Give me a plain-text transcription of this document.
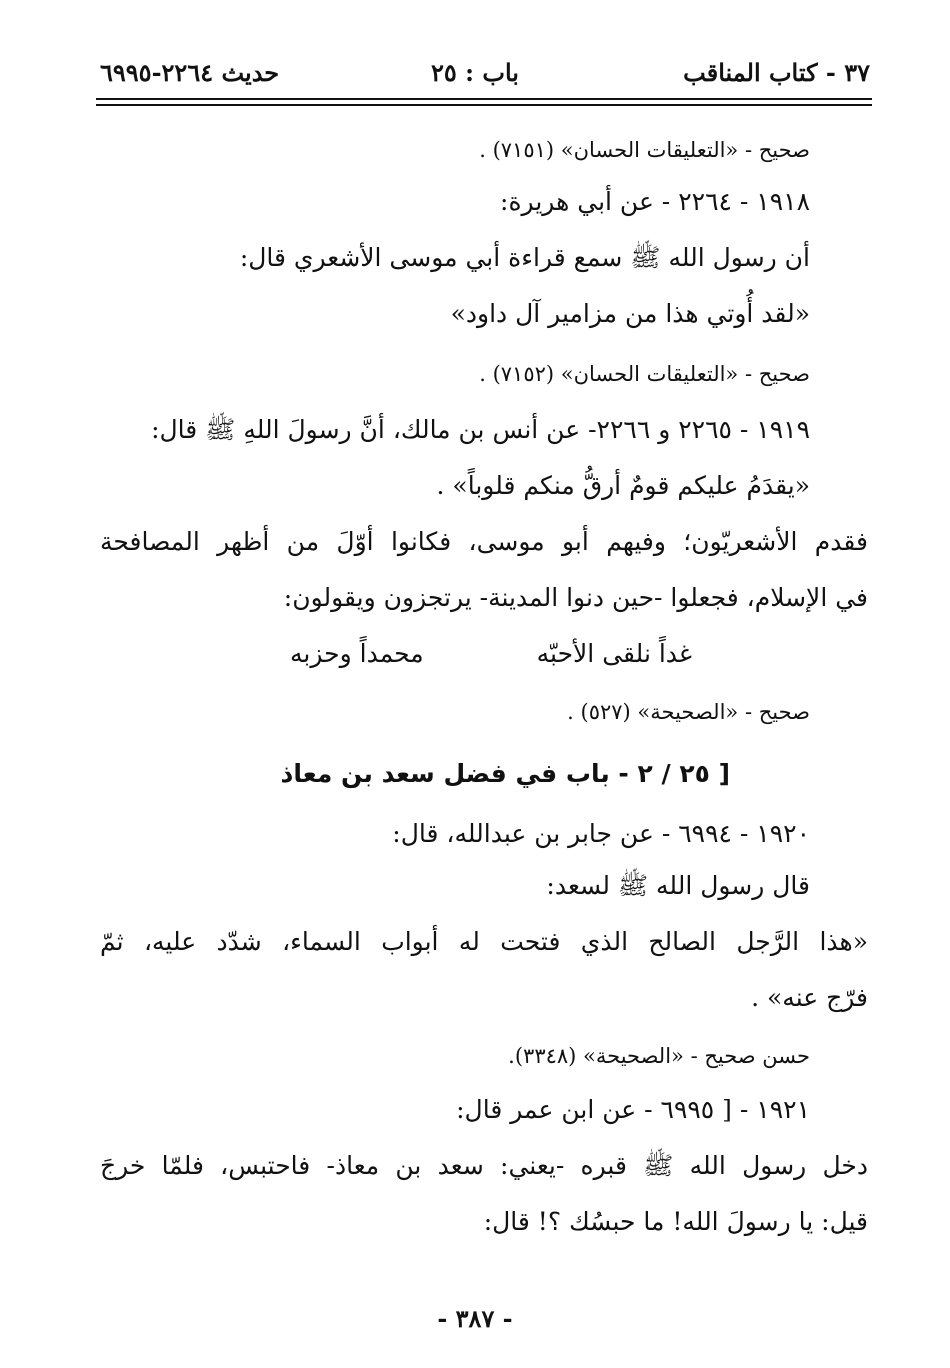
٣٧ - كتاب المناقب
باب : ٢٥
حديث ٢٢٦٤-٦٩٩٥
صحيح - «التعليقات الحسان» (٧١٥١) .
١٩١٨ - ٢٢٦٤ - عن أبي هريرة:
أن رسول الله ﷺ سمع قراءة أبي موسى الأشعري قال:
«لقد أُوتي هذا من مزامير آل داود»
صحيح - «التعليقات الحسان» (٧١٥٢) .
١٩١٩ - ٢٢٦٥ و ٢٢٦٦- عن أنس بن مالك، أنَّ رسولَ اللهِ ﷺ قال:
«يقدَمُ عليكم قومٌ أرقُّ منكم قلوباً» .
فقدم الأشعريّون؛ وفيهم أبو موسى، فكانوا أوّلَ من أظهر المصافحة
في الإسلام، فجعلوا -حين دنوا المدينة- يرتجزون ويقولون:
غداً نلقى الأحبّه
محمداً وحزبه
صحيح - «الصحيحة» (٥٢٧) .
[ ٢٥ / ٢ - باب في فضل سعد بن معاذ
١٩٢٠ - ٦٩٩٤ - عن جابر بن عبدالله، قال:
قال رسول الله ﷺ لسعد:
«هذا الرَّجل الصالح الذي فتحت له أبواب السماء، شدّد عليه، ثمّ
فرّج عنه» .
حسن صحيح - «الصحيحة» (٣٣٤٨).
١٩٢١ - [ ٦٩٩٥ - عن ابن عمر قال:
دخل رسول الله ﷺ قبره -يعني: سعد بن معاذ- فاحتبس، فلمّا خرجَ
قيل: يا رسولَ الله! ما حبسُك ؟! قال:
- ٣٨٧ -
